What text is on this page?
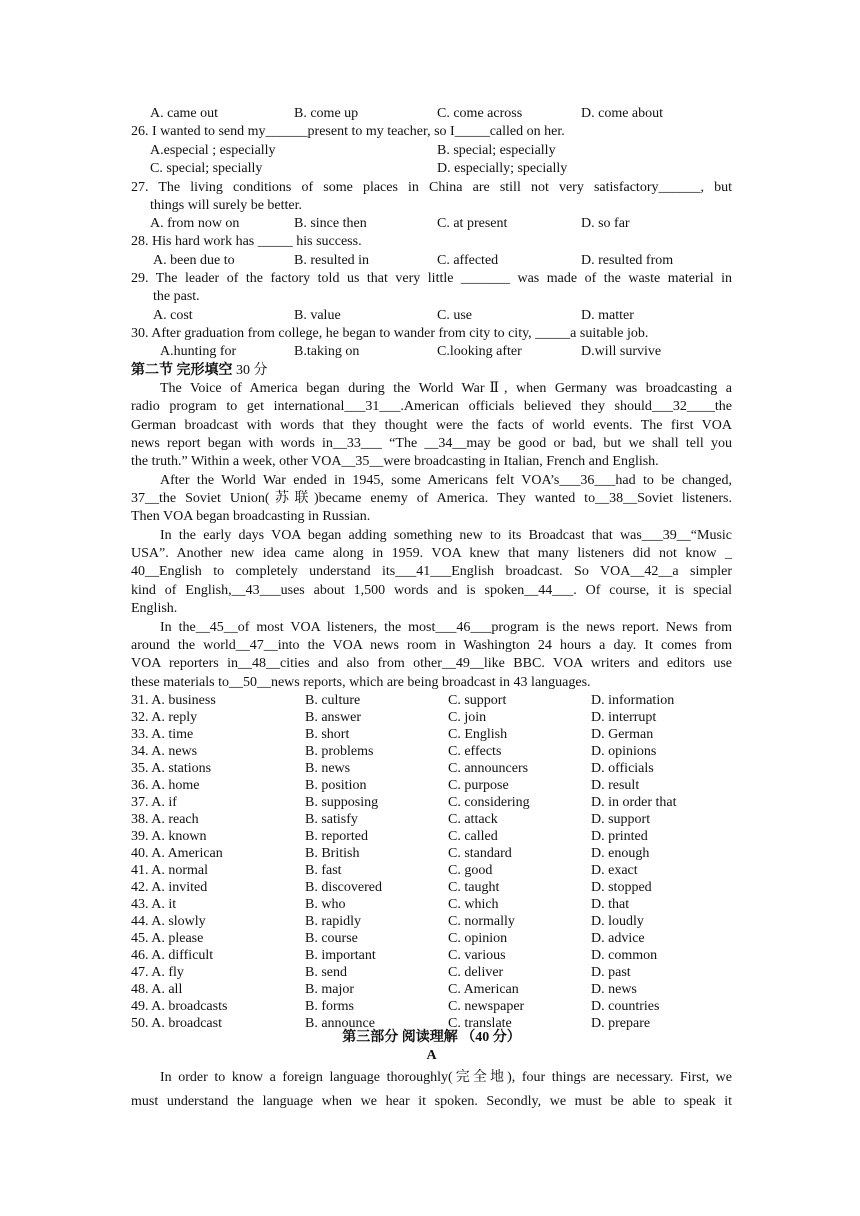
A. came out	B. come up	C. come across	D. come about
26. I wanted to send my______present to my teacher, so I_____called on her.
A.especial ; especially	B. special; especially
C. special; specially	D. especially; specially
27. The living conditions of some places in China are still not very satisfactory______, but
things will surely be better.
A. from now on	B. since then	C. at present	D. so far
28. His hard work has _____ his success.
A. been due to	B. resulted in	C. affected	D. resulted from
29. The leader of the factory told us that very little _______ was made of the waste material in
the past.
A. cost	B. value	C. use	D. matter
30. After graduation from college, he began to wander from city to city, _____a suitable job.
A.hunting for	B.taking on	C.looking after	D.will survive
第二节 完形填空 30 分
The Voice of America began during the World WarⅡ, when Germany was broadcasting a
radio program to get international___31___.American officials believed they should___32____the
German broadcast with words that they thought were the facts of world events. The first VOA
news report began with words in__33___ “The __34__may be good or bad, but we shall tell you
the truth.” Within a week, other VOA__35__were broadcasting in Italian, French and English.
After the World War ended in 1945, some Americans felt VOA’s___36___had to be changed,
37__the Soviet Union(苏联)became enemy of America. They wanted to__38__Soviet listeners.
Then VOA began broadcasting in Russian.
In the early days VOA began adding something new to its Broadcast that was___39__“Music
USA”. Another new idea came along in 1959. VOA knew that many listeners did not know _
40__English to completely understand its___41___English broadcast. So VOA__42__a simpler
kind of English,__43___uses about 1,500 words and is spoken__44___. Of course, it is special
English.
In the__45__of most VOA listeners, the most___46___program is the news report. News from
around the world__47__into the VOA news room in Washington 24 hours a day. It comes from
VOA reporters in__48__cities and also from other__49__like BBC. VOA writers and editors use
these materials to__50__news reports, which are being broadcast in 43 languages.
31. A. business	B. culture	C. support	D. information
32. A. reply	B. answer	C. join	D. interrupt
33. A. time	B. short	C. English	D. German
34. A. news	B. problems	C. effects	D. opinions
35. A. stations	B. news	C. announcers	D. officials
36. A. home	B. position	C. purpose	D. result
37. A. if	B. supposing	C. considering	D. in order that
38. A. reach	B. satisfy	C. attack	D. support
39. A. known	B. reported	C. called	D. printed
40. A. American	B. British	C. standard	D. enough
41. A. normal	B. fast	C. good	D. exact
42. A. invited	B. discovered	C. taught	D. stopped
43. A. it	B. who	C. which	D. that
44. A. slowly	B. rapidly	C. normally	D. loudly
45. A. please	B. course	C. opinion	D. advice
46. A. difficult	B. important	C. various	D. common
47. A. fly	B. send	C. deliver	D. past
48. A. all	B. major	C. American	D. news
49. A. broadcasts	B. forms	C. newspaper	D. countries
50. A. broadcast	B. announce	C. translate	D. prepare
第三部分 阅读理解 （40 分）
A
In order to know a foreign language thoroughly(完全地), four things are necessary. First, we
must understand the language when we hear it spoken. Secondly, we must be able to speak it
